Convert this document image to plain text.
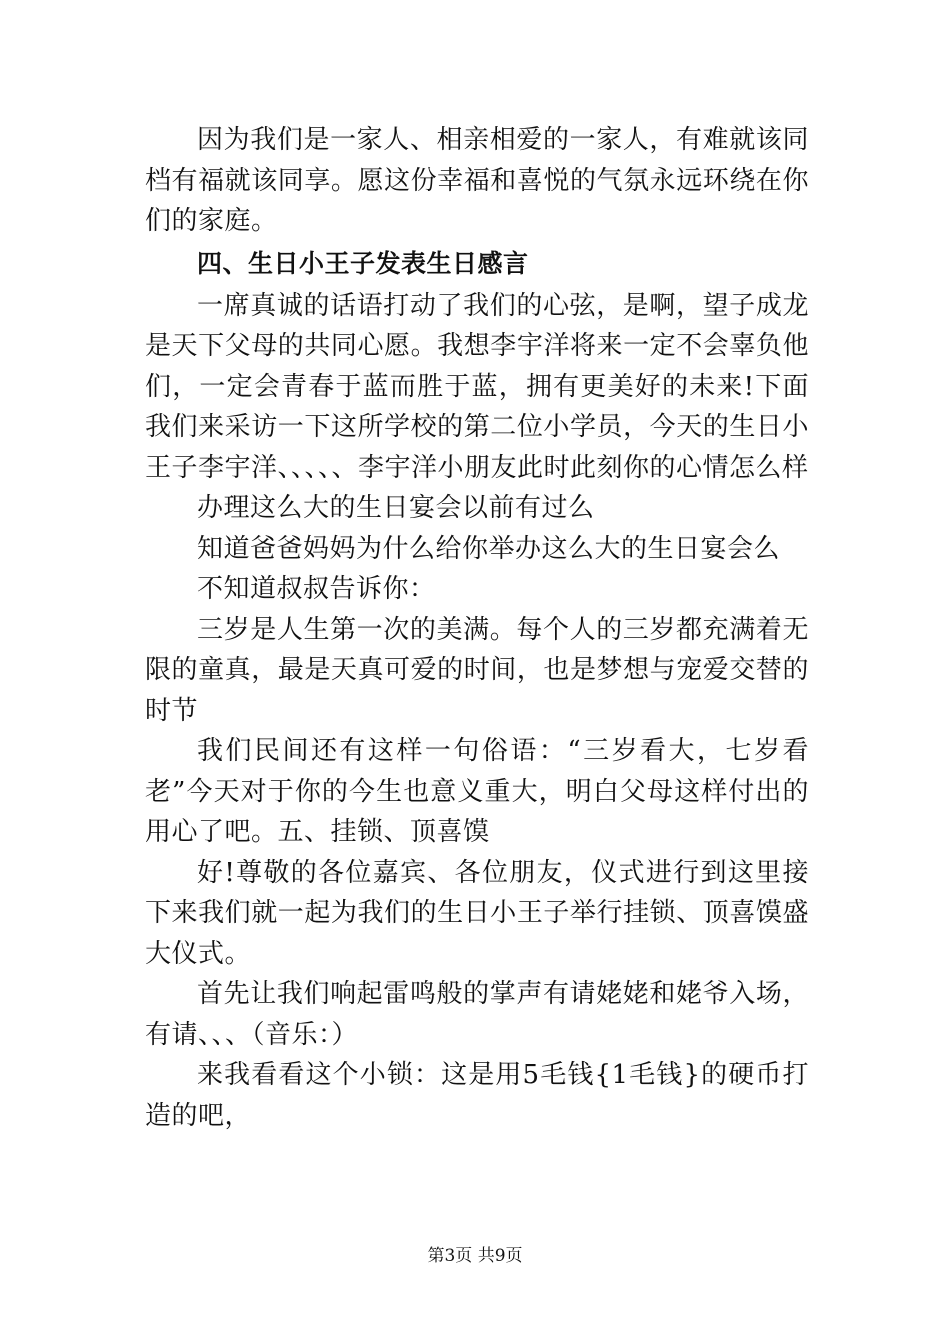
因为我们是一家人、相亲相爱的一家人，有难就该同档有福就该同享。愿这份幸福和喜悦的气氛永远环绕在你们的家庭。

四、生日小王子发表生日感言

一席真诚的话语打动了我们的心弦，是啊，望子成龙是天下父母的共同心愿。我想李宇洋将来一定不会辜负他们，一定会青春于蓝而胜于蓝，拥有更美好的未来!下面我们来采访一下这所学校的第二位小学员，今天的生日小王子李宇洋、、、、、李宇洋小朋友此时此刻你的心情怎么样

办理这么大的生日宴会以前有过么

知道爸爸妈妈为什么给你举办这么大的生日宴会么

不知道叔叔告诉你：

三岁是人生第一次的美满。每个人的三岁都充满着无限的童真，最是天真可爱的时间，也是梦想与宠爱交替的时节

我们民间还有这样一句俗语：“三岁看大，七岁看老”今天对于你的今生也意义重大，明白父母这样付出的用心了吧。五、挂锁、顶喜馍

好!尊敬的各位嘉宾、各位朋友，仪式进行到这里接下来我们就一起为我们的生日小王子举行挂锁、顶喜馍盛大仪式。

首先让我们响起雷鸣般的掌声有请姥姥和姥爷入场，有请、、、（音乐：）

来我看看这个小锁：这是用5毛钱{1毛钱}的硬币打造的吧，

第3页 共9页
